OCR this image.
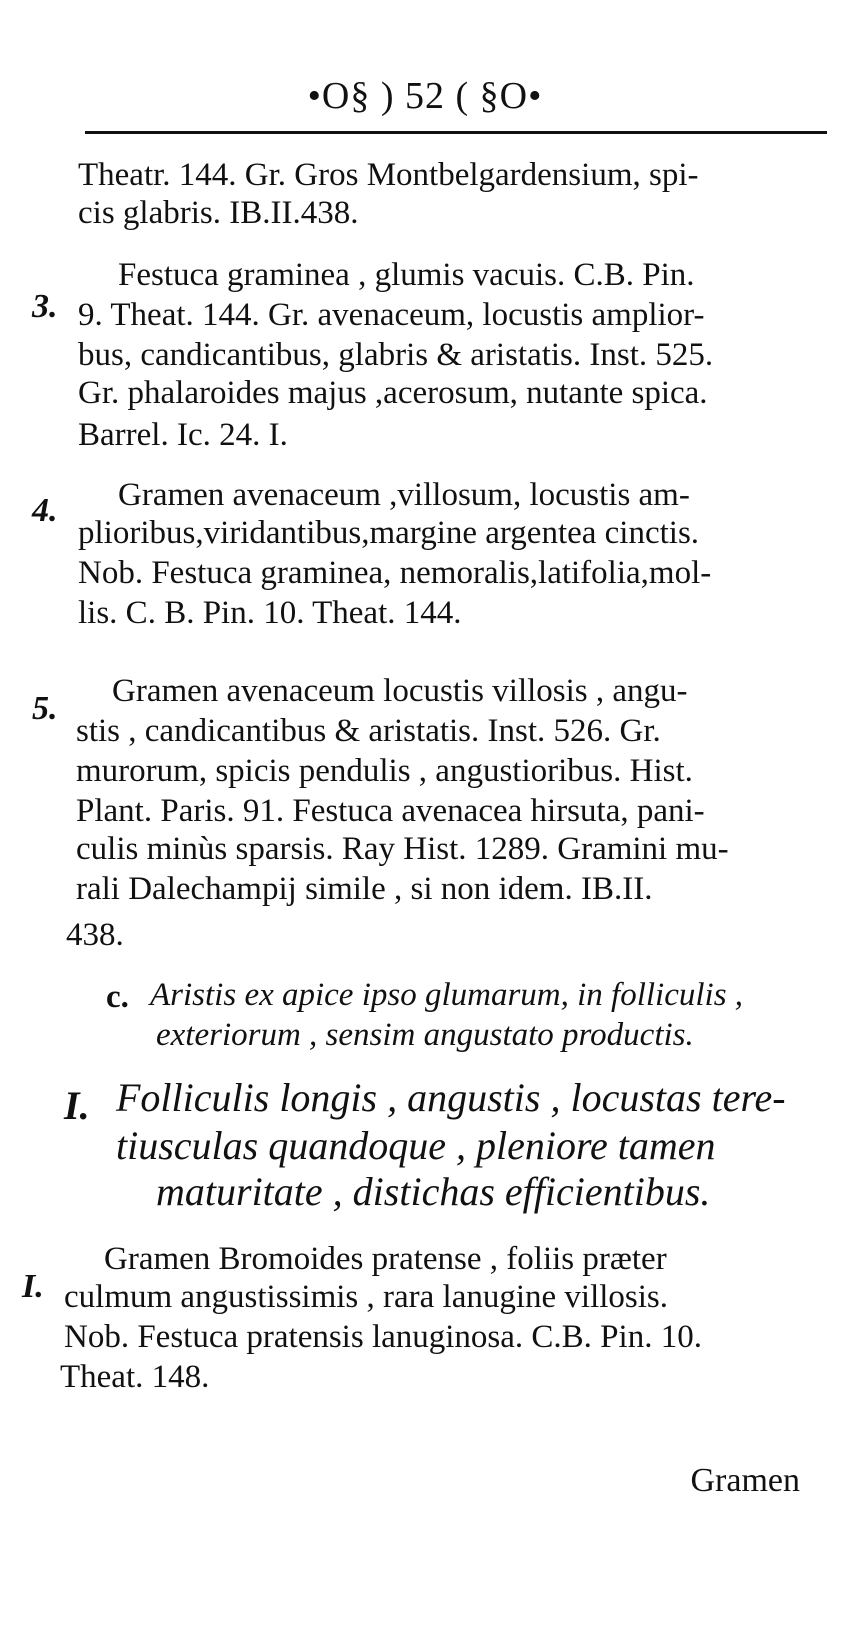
•O§ ) 52 ( §O•
Theatr. 144. Gr. Gros Montbelgardensium, spi-
cis glabris. IB.II.438.
3.
Festuca graminea , glumis vacuis. C.B. Pin.
9. Theat. 144. Gr. avenaceum, locustis amplior-
bus, candicantibus, glabris & aristatis. Inst. 525.
Gr. phalaroides majus ,acerosum, nutante spica.
Barrel. Ic. 24. I.
4. Gramen avenaceum ,villosum, locustis am-
plioribus,viridantibus,margine argentea cinctis.
Nob. Festuca graminea, nemoralis,latifolia,mol-
lis. C. B. Pin. 10. Theat. 144.
5. Gramen avenaceum locustis villosis , angu-
stis , candicantibus & aristatis. Inst. 526. Gr.
murorum, spicis pendulis , angustioribus. Hist.
Plant. Paris. 91. Festuca avenacea hirsuta, pani-
culis minùs sparsis. Ray Hist. 1289. Gramini mu-
rali Dalechampij simile , si non idem. IB.II.
438.
c. Aristis ex apice ipso glumarum, in folliculis ,
exteriorum , sensim angustato productis.
I. Folliculis longis , angustis , locustas tere-
tiusculas quandoque , pleniore tamen
maturitate , distichas efficientibus.
I.
Gramen Bromoides pratense , foliis præter
culmum angustissimis , rara lanugine villosis.
Nob. Festuca pratensis lanuginosa. C.B. Pin. 10.
Theat. 148.
Gramen
